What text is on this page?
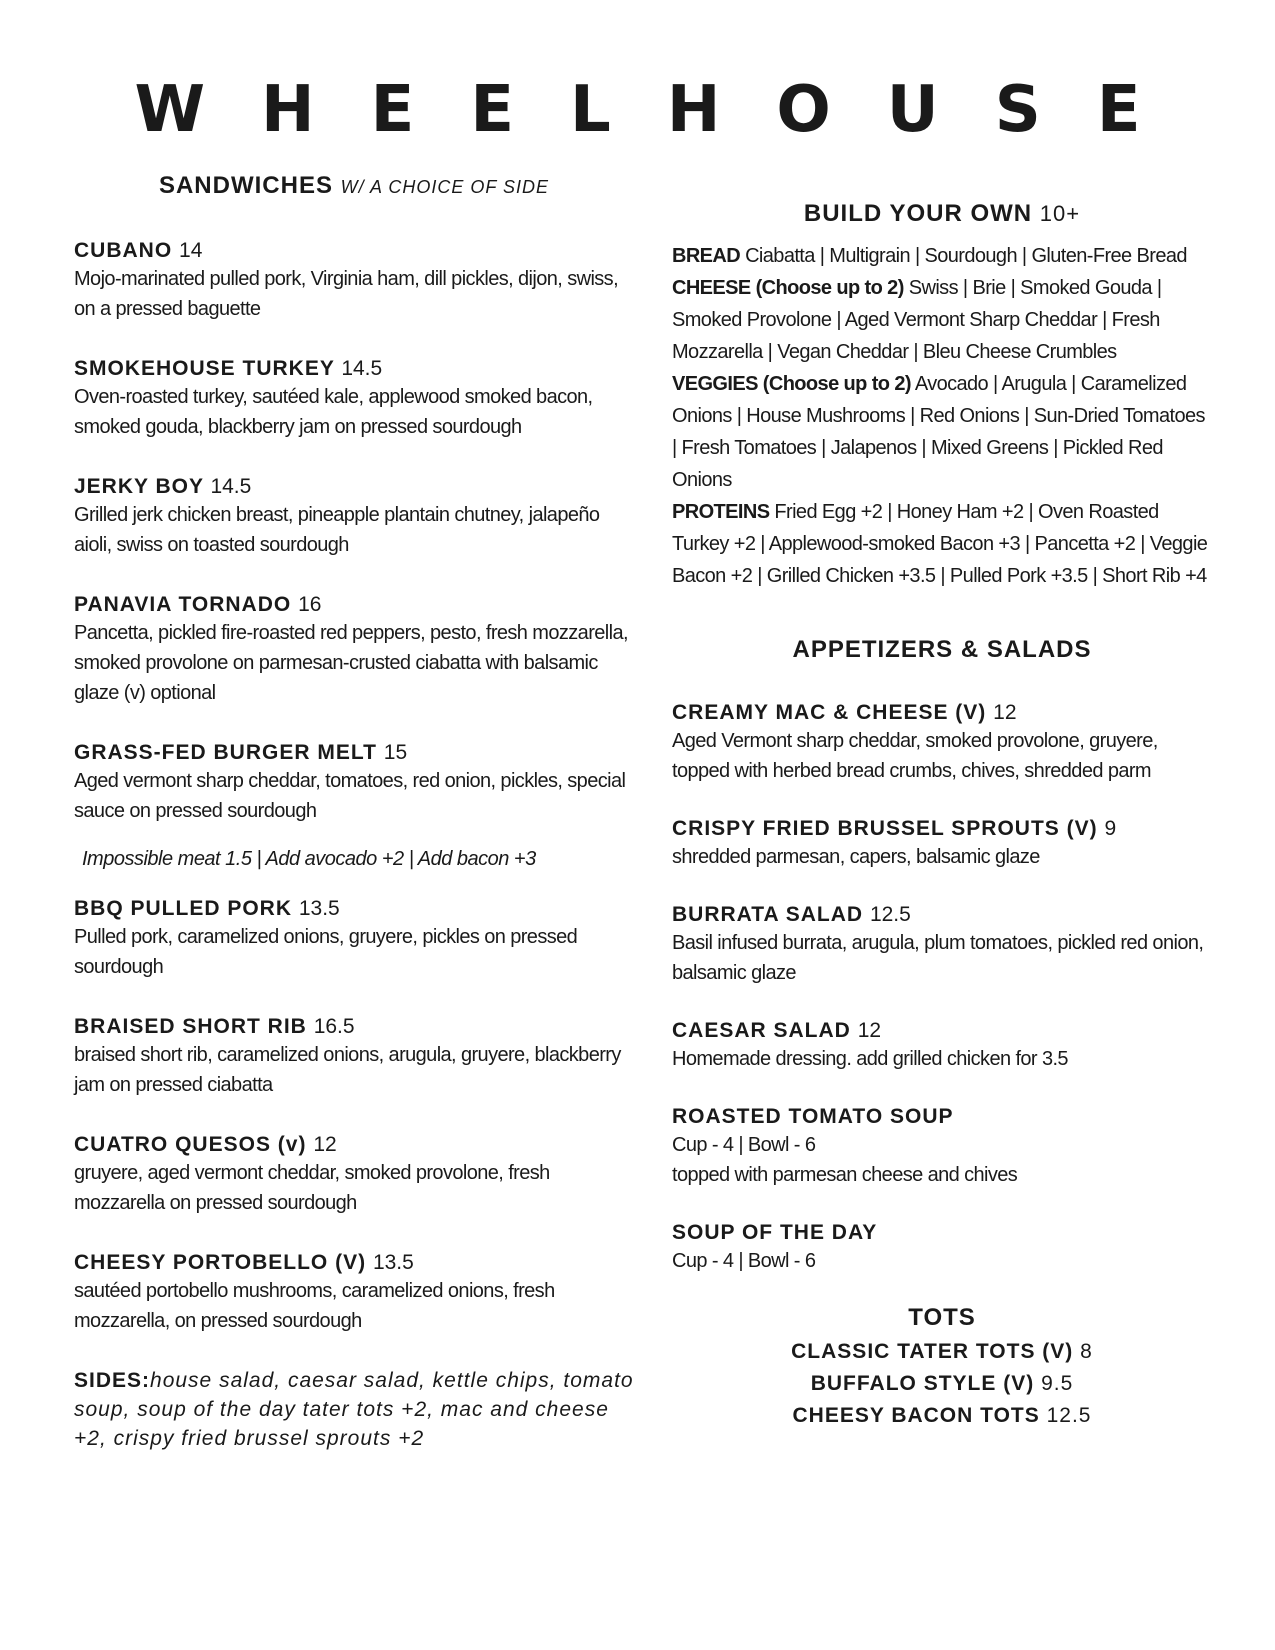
WHEELHOUSE
SANDWICHES W/ A CHOICE OF SIDE
CUBANO 14
Mojo-marinated pulled pork, Virginia ham, dill pickles, dijon, swiss, on a pressed baguette
SMOKEHOUSE TURKEY 14.5
Oven-roasted turkey, sautéed kale, applewood smoked bacon, smoked gouda, blackberry jam on pressed sourdough
JERKY BOY 14.5
Grilled jerk chicken breast, pineapple plantain chutney, jalapeño aioli, swiss on toasted sourdough
PANAVIA TORNADO 16
Pancetta, pickled fire-roasted red peppers, pesto, fresh mozzarella, smoked provolone on parmesan-crusted ciabatta with balsamic glaze (v) optional
GRASS-FED BURGER MELT 15
Aged vermont sharp cheddar, tomatoes, red onion, pickles, special sauce on pressed sourdough
Impossible meat 1.5 | Add avocado +2 | Add bacon +3
BBQ PULLED PORK 13.5
Pulled pork, caramelized onions, gruyere, pickles on pressed sourdough
BRAISED SHORT RIB 16.5
braised short rib, caramelized onions, arugula, gruyere, blackberry jam on pressed ciabatta
CUATRO QUESOS (v) 12
gruyere, aged vermont cheddar, smoked provolone, fresh mozzarella on pressed sourdough
CHEESY PORTOBELLO (V) 13.5
sautéed portobello mushrooms, caramelized onions, fresh mozzarella, on pressed sourdough
SIDES:house salad, caesar salad, kettle chips, tomato soup, soup of the day tater tots +2, mac and cheese +2, crispy fried brussel sprouts +2
BUILD YOUR OWN 10+
BREAD Ciabatta | Multigrain | Sourdough | Gluten-Free Bread
CHEESE (Choose up to 2) Swiss | Brie | Smoked Gouda | Smoked Provolone | Aged Vermont Sharp Cheddar | Fresh Mozzarella | Vegan Cheddar | Bleu Cheese Crumbles
VEGGIES (Choose up to 2) Avocado | Arugula | Caramelized Onions | House Mushrooms | Red Onions | Sun-Dried Tomatoes | Fresh Tomatoes | Jalapenos | Mixed Greens | Pickled Red Onions
PROTEINS Fried Egg +2 | Honey Ham +2 | Oven Roasted Turkey +2 | Applewood-smoked Bacon +3 | Pancetta +2 | Veggie Bacon +2 | Grilled Chicken +3.5 | Pulled Pork +3.5 | Short Rib +4
APPETIZERS & SALADS
CREAMY MAC & CHEESE (V) 12
Aged Vermont sharp cheddar, smoked provolone, gruyere, topped with herbed bread crumbs, chives, shredded parm
CRISPY FRIED BRUSSEL SPROUTS (V) 9
shredded parmesan, capers, balsamic glaze
BURRATA SALAD 12.5
Basil infused burrata, arugula, plum tomatoes, pickled red onion, balsamic glaze
CAESAR SALAD 12
Homemade dressing. add grilled chicken for 3.5
ROASTED TOMATO SOUP
Cup - 4 | Bowl - 6
topped with parmesan cheese and chives
SOUP OF THE DAY
Cup - 4 | Bowl - 6
TOTS
CLASSIC TATER TOTS (V) 8
BUFFALO STYLE (V) 9.5
CHEESY BACON TOTS 12.5
